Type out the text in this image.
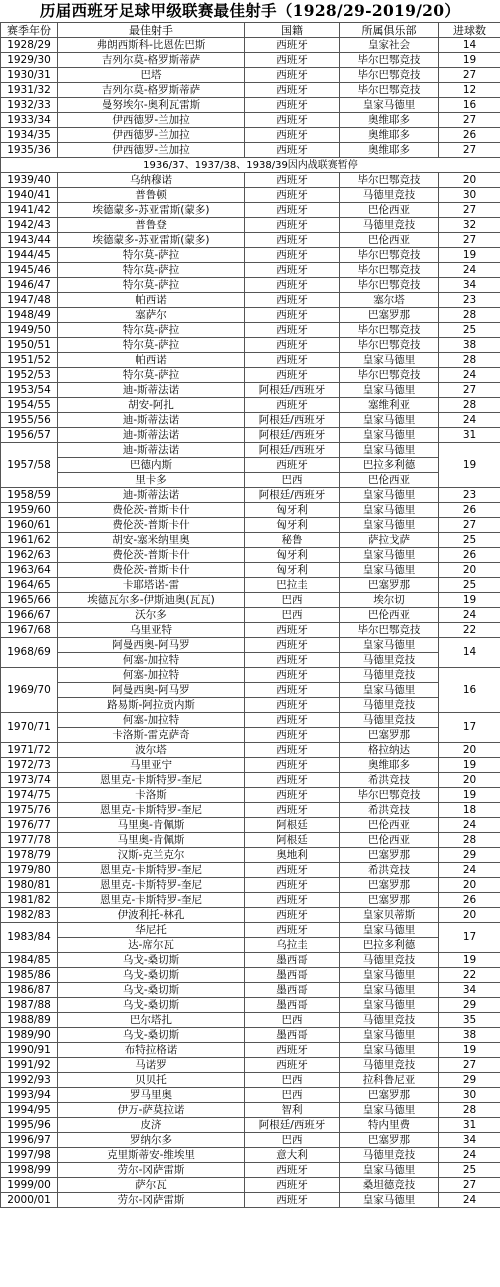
历届西班牙足球甲级联赛最佳射手（1928/29-2019/20）
赛季年份	最佳射手	国籍	所属俱乐部	进球数
1928/29	弗朗西斯科-比恩佐巴斯	西班牙	皇家社会	14
1929/30	吉列尔莫-格罗斯蒂萨	西班牙	毕尔巴鄂竞技	19
1930/31	巴塔	西班牙	毕尔巴鄂竞技	27
1931/32	吉列尔莫-格罗斯蒂萨	西班牙	毕尔巴鄂竞技	12
1932/33	曼努埃尔-奥利瓦雷斯	西班牙	皇家马德里	16
1933/34	伊西德罗-兰加拉	西班牙	奥维耶多	27
1934/35	伊西德罗-兰加拉	西班牙	奥维耶多	26
1935/36	伊西德罗-兰加拉	西班牙	奥维耶多	27
1936/37、1937/38、1938/39因内战联赛暂停				
1939/40	乌纳穆诺	西班牙	毕尔巴鄂竞技	20
1940/41	普鲁顿	西班牙	马德里竞技	30
1941/42	埃德蒙多-苏亚雷斯(蒙多)	西班牙	巴伦西亚	27
1942/43	普鲁登	西班牙	马德里竞技	32
1943/44	埃德蒙多-苏亚雷斯(蒙多)	西班牙	巴伦西亚	27
1944/45	特尔莫-萨拉	西班牙	毕尔巴鄂竞技	19
1945/46	特尔莫-萨拉	西班牙	毕尔巴鄂竞技	24
1946/47	特尔莫-萨拉	西班牙	毕尔巴鄂竞技	34
1947/48	帕西诺	西班牙	塞尔塔	23
1948/49	塞萨尔	西班牙	巴塞罗那	28
1949/50	特尔莫-萨拉	西班牙	毕尔巴鄂竞技	25
1950/51	特尔莫-萨拉	西班牙	毕尔巴鄂竞技	38
1951/52	帕西诺	西班牙	皇家马德里	28
1952/53	特尔莫-萨拉	西班牙	毕尔巴鄂竞技	24
1953/54	迪-斯蒂法诺	阿根廷/西班牙	皇家马德里	27
1954/55	胡安-阿扎	西班牙	塞维利亚	28
1955/56	迪-斯蒂法诺	阿根廷/西班牙	皇家马德里	24
1956/57	迪-斯蒂法诺	阿根廷/西班牙	皇家马德里	31
1957/58	迪-斯蒂法诺	阿根廷/西班牙	皇家马德里	19
	巴德内斯	西班牙	巴拉多利德	
	里卡多	巴西	巴伦西亚	
1958/59	迪-斯蒂法诺	阿根廷/西班牙	皇家马德里	23
1959/60	费伦茨-普斯卡什	匈牙利	皇家马德里	26
1960/61	费伦茨-普斯卡什	匈牙利	皇家马德里	27
1961/62	胡安-塞米纳里奥	秘鲁	萨拉戈萨	25
1962/63	费伦茨-普斯卡什	匈牙利	皇家马德里	26
1963/64	费伦茨-普斯卡什	匈牙利	皇家马德里	20
1964/65	卡耶塔诺-雷	巴拉圭	巴塞罗那	25
1965/66	埃德瓦尔多-伊斯迪奥(瓦瓦)	巴西	埃尔切	19
1966/67	沃尔多	巴西	巴伦西亚	24
1967/68	乌里亚特	西班牙	毕尔巴鄂竞技	22
1968/69	阿曼西奥-阿马罗	西班牙	皇家马德里	14
	何塞-加拉特	西班牙	马德里竞技	
1969/70	何塞-加拉特	西班牙	马德里竞技	16
	阿曼西奥-阿马罗	西班牙	皇家马德里	
	路易斯-阿拉贡内斯	西班牙	马德里竞技	
1970/71	何塞-加拉特	西班牙	马德里竞技	17
	卡洛斯-雷克萨奇	西班牙	巴塞罗那	
1971/72	波尔塔	西班牙	格拉纳达	20
1972/73	马里亚宁	西班牙	奥维耶多	19
1973/74	恩里克-卡斯特罗-奎尼	西班牙	希洪竞技	20
1974/75	卡洛斯	西班牙	毕尔巴鄂竞技	19
1975/76	恩里克-卡斯特罗-奎尼	西班牙	希洪竞技	18
1976/77	马里奥-肯佩斯	阿根廷	巴伦西亚	24
1977/78	马里奥-肯佩斯	阿根廷	巴伦西亚	28
1978/79	汉斯-克兰克尔	奥地利	巴塞罗那	29
1979/80	恩里克-卡斯特罗-奎尼	西班牙	希洪竞技	24
1980/81	恩里克-卡斯特罗-奎尼	西班牙	巴塞罗那	20
1981/82	恩里克-卡斯特罗-奎尼	西班牙	巴塞罗那	26
1982/83	伊波利托-林孔	西班牙	皇家贝蒂斯	20
1983/84	华尼托	西班牙	皇家马德里	17
	达-席尔瓦	乌拉圭	巴拉多利德	
1984/85	乌戈-桑切斯	墨西哥	马德里竞技	19
1985/86	乌戈-桑切斯	墨西哥	皇家马德里	22
1986/87	乌戈-桑切斯	墨西哥	皇家马德里	34
1987/88	乌戈-桑切斯	墨西哥	皇家马德里	29
1988/89	巴尔塔扎	巴西	马德里竞技	35
1989/90	乌戈-桑切斯	墨西哥	皇家马德里	38
1990/91	布特拉格诺	西班牙	皇家马德里	19
1991/92	马诺罗	西班牙	马德里竞技	27
1992/93	贝贝托	巴西	拉科鲁尼亚	29
1993/94	罗马里奥	巴西	巴塞罗那	30
1994/95	伊万-萨莫拉诺	智利	皇家马德里	28
1995/96	皮济	阿根廷/西班牙	特内里费	31
1996/97	罗纳尔多	巴西	巴塞罗那	34
1997/98	克里斯蒂安-维埃里	意大利	马德里竞技	24
1998/99	劳尔-冈萨雷斯	西班牙	皇家马德里	25
1999/00	萨尔瓦	西班牙	桑坦德竞技	27
2000/01	劳尔-冈萨雷斯	西班牙	皇家马德里	24
